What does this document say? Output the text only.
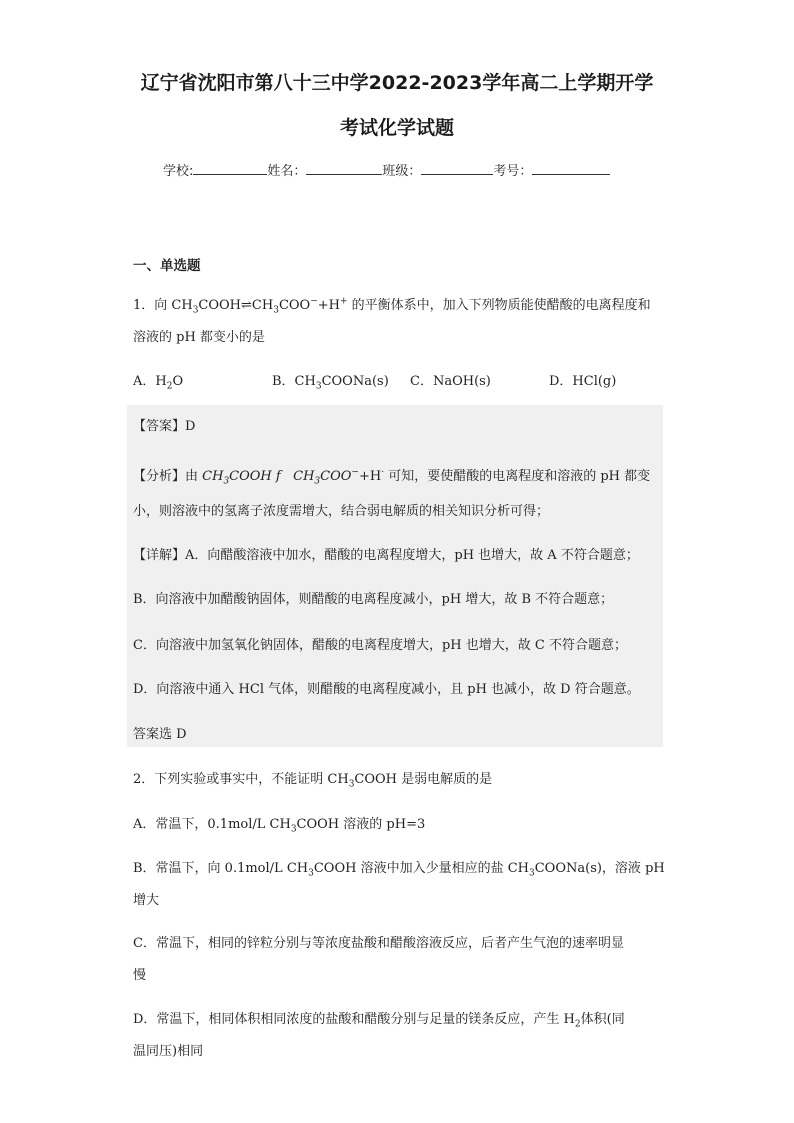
辽宁省沈阳市第八十三中学2022-2023学年高二上学期开学
考试化学试题
学校:	姓名：	班级：	考号：
一、单选题
1．向 $CH_3COOH\rightleftharpoons CH_3COO^-+H^+$ 的平衡体系中，加入下列物质能使醋酸的电离程度和
溶液的 pH 都变小的是
A．$H_2O$	B．$CH_3COONa(s)$ C．NaOH(s)	D．HCl(g)
【答案】D
【分析】由 $CH_3COOH$ f $CH_3COO^-+H^\cdot$ 可知，要使醋酸的电离程度和溶液的 pH 都变
小，则溶液中的氢离子浓度需增大，结合弱电解质的相关知识分析可得；
【详解】A．向醋酸溶液中加水，醋酸的电离程度增大，pH 也增大，故 A 不符合题意；
B．向溶液中加醋酸钠固体，则醋酸的电离程度减小，pH 增大，故 B 不符合题意；
C．向溶液中加氢氧化钠固体，醋酸的电离程度增大，pH 也增大，故 C 不符合题意；
D．向溶液中通入 HCl 气体，则醋酸的电离程度减小，且 pH 也减小，故 D 符合题意。
答案选 D
2．下列实验或事实中，不能证明 $CH_3COOH$ 是弱电解质的是
A．常温下，0.1mol/L $CH_3COOH$ 溶液的 pH=3
B．常温下，向 0.1mol/L $CH_3COOH$ 溶液中加入少量相应的盐 $CH_3COONa(s)$，溶液 pH
增大
C．常温下，相同的锌粒分别与等浓度盐酸和醋酸溶液反应，后者产生气泡的速率明显
慢
D．常温下，相同体积相同浓度的盐酸和醋酸分别与足量的镁条反应，产生 $H_2$体积(同
温同压)相同
